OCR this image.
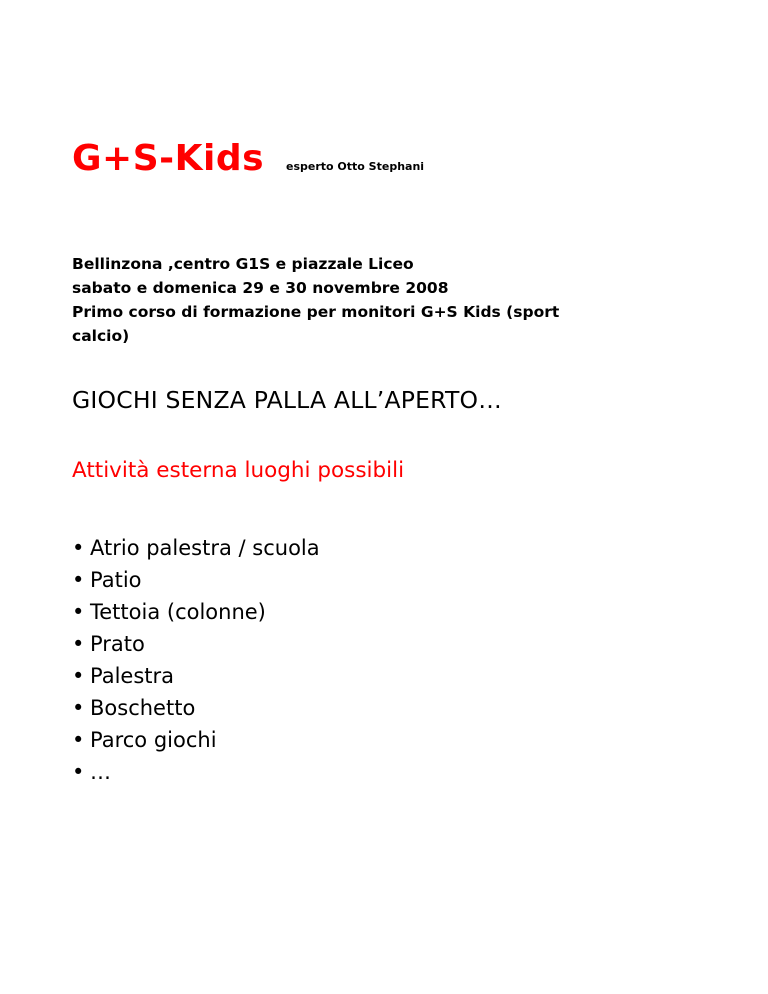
G+S-Kids esperto Otto Stephani
Bellinzona ,centro G1S e piazzale Liceo
sabato e domenica 29 e 30 novembre 2008
Primo corso di formazione per monitori G+S Kids (sport
calcio)
GIOCHI SENZA PALLA ALL’APERTO…
Attività esterna luoghi possibili
• Atrio palestra / scuola
• Patio
• Tettoia (colonne)
• Prato
• Palestra
• Boschetto
• Parco giochi
• …
